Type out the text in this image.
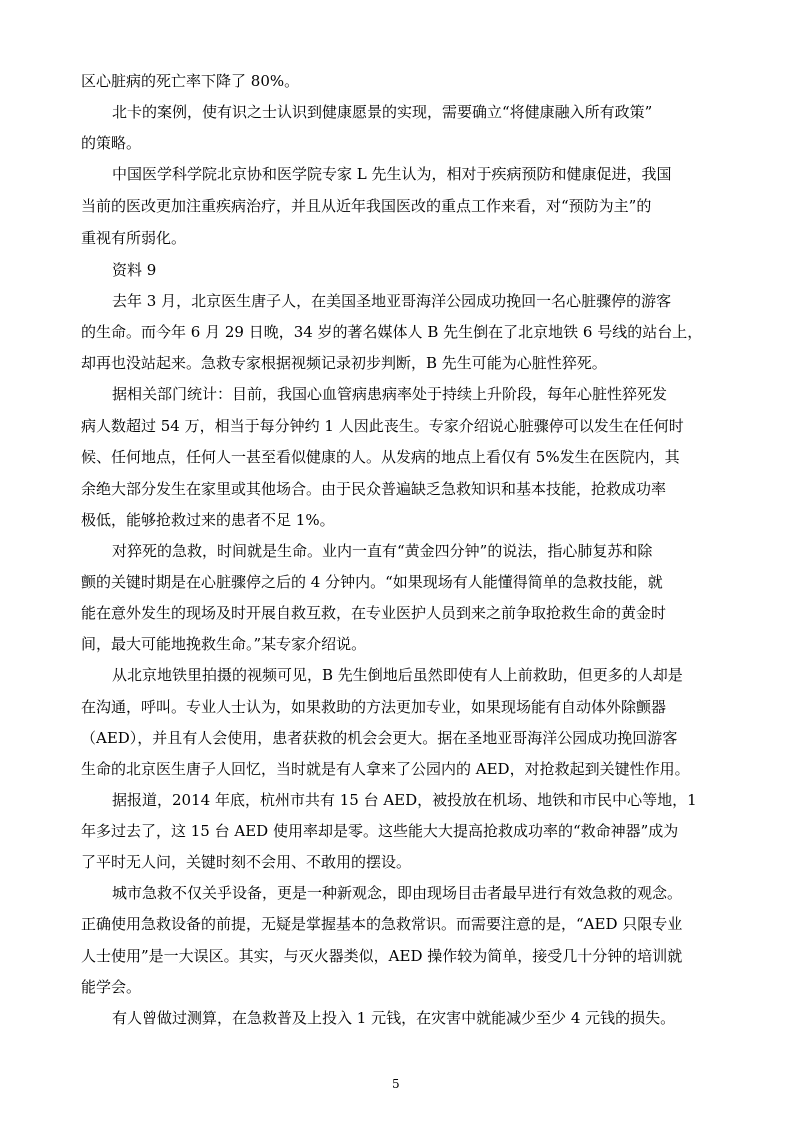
区心脏病的死亡率下降了 80%。
北卡的案例，使有识之士认识到健康愿景的实现，需要确立“将健康融入所有政策”
的策略。
中国医学科学院北京协和医学院专家 L 先生认为，相对于疾病预防和健康促进，我国
当前的医改更加注重疾病治疗，并且从近年我国医改的重点工作来看，对“预防为主”的
重视有所弱化。
资料 9
去年 3 月，北京医生唐子人，在美国圣地亚哥海洋公园成功挽回一名心脏骤停的游客
的生命。而今年 6 月 29 日晚，34 岁的著名媒体人 B 先生倒在了北京地铁 6 号线的站台上，
却再也没站起来。急救专家根据视频记录初步判断，B 先生可能为心脏性猝死。
据相关部门统计：目前，我国心血管病患病率处于持续上升阶段，每年心脏性猝死发
病人数超过 54 万，相当于每分钟约 1 人因此丧生。专家介绍说心脏骤停可以发生在任何时
候、任何地点，任何人一甚至看似健康的人。从发病的地点上看仅有 5%发生在医院内，其
余绝大部分发生在家里或其他场合。由于民众普遍缺乏急救知识和基本技能，抢救成功率
极低，能够抢救过来的患者不足 1%。
对猝死的急救，时间就是生命。业内一直有“黄金四分钟”的说法，指心肺复苏和除
颤的关键时期是在心脏骤停之后的 4 分钟内。“如果现场有人能懂得简单的急救技能，就
能在意外发生的现场及时开展自救互救，在专业医护人员到来之前争取抢救生命的黄金时
间，最大可能地挽救生命。”某专家介绍说。
从北京地铁里拍摄的视频可见，B 先生倒地后虽然即使有人上前救助，但更多的人却是
在沟通，呼叫。专业人士认为，如果救助的方法更加专业，如果现场能有自动体外除颤器
（AED），并且有人会使用，患者获救的机会会更大。据在圣地亚哥海洋公园成功挽回游客
生命的北京医生唐子人回忆，当时就是有人拿来了公园内的 AED，对抢救起到关键性作用。
据报道，2014 年底，杭州市共有 15 台 AED，被投放在机场、地铁和市民中心等地，1
年多过去了，这 15 台 AED 使用率却是零。这些能大大提高抢救成功率的“救命神器”成为
了平时无人问，关键时刻不会用、不敢用的摆设。
城市急救不仅关乎设备，更是一种新观念，即由现场目击者最早进行有效急救的观念。
正确使用急救设备的前提，无疑是掌握基本的急救常识。而需要注意的是，“AED 只限专业
人士使用”是一大误区。其实，与灭火器类似，AED 操作较为简单，接受几十分钟的培训就
能学会。
有人曾做过测算，在急救普及上投入 1 元钱，在灾害中就能减少至少 4 元钱的损失。
5
